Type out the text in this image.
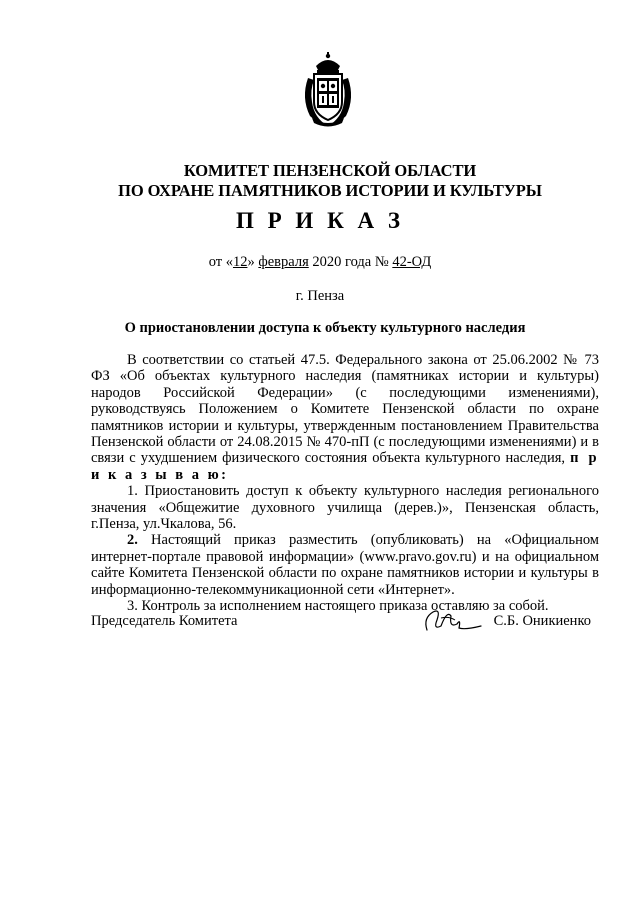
КОМИТЕТ ПЕНЗЕНСКОЙ ОБЛАСТИ
ПО ОХРАНЕ ПАМЯТНИКОВ ИСТОРИИ И КУЛЬТУРЫ
П Р И К А З
от «12» февраля 2020 года № 42-ОД
г. Пенза
О приостановлении доступа к объекту культурного наследия

В соответствии со статьей 47.5. Федерального закона от 25.06.2002 № 73 ФЗ «Об объектах культурного наследия (памятниках истории и культуры) народов Российской Федерации» (с последующими изменениями), руководствуясь Положением о Комитете Пензенской области по охране памятников истории и культуры, утвержденным постановлением Правительства Пензенской области от 24.08.2015 № 470-пП (с последующими изменениями) и в связи с ухудшением физического состояния объекта культурного наследия, п р и к а з ы в а ю:

1. Приостановить доступ к объекту культурного наследия регионального значения «Общежитие духовного училища (дерев.)», Пензенская область, г.Пенза, ул.Чкалова, 56.

2. Настоящий приказ разместить (опубликовать) на «Официальном интернет-портале правовой информации» (www.pravo.gov.ru) и на официальном сайте Комитета Пензенской области по охране памятников истории и культуры в информационно-телекоммуникационной сети «Интернет».

3. Контроль за исполнением настоящего приказа оставляю за собой.

Председатель Комитета	С.Б. Оникиенко
